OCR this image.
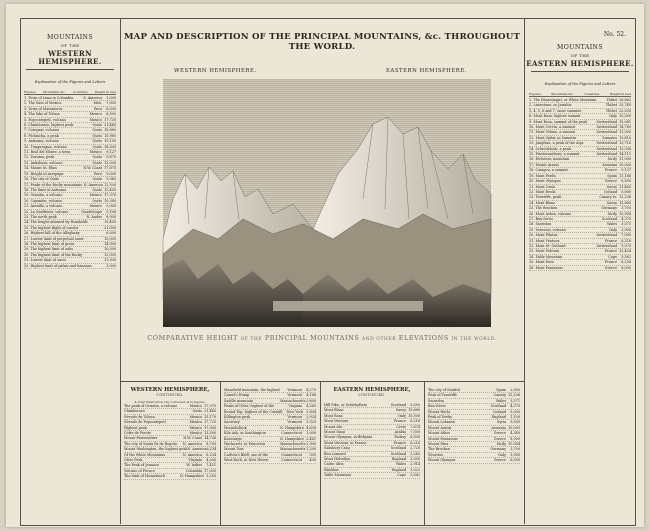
MAP AND DESCRIPTION OF THE PRINCIPAL MOUNTAINS, &c. THROUGHOUT THE WORLD.
No. 52.
MOUNTAINS
OF THE
WESTERN HEMISPHERE.
Explanation of the Figures and Letters
Figures Mountains &c. Countries Height in feet
1. Town of Lima in Colombia	S. America	1,000
2. The Sum of Mexico	Mex.	7,000
3. Town of Matamoros	Peru	6,000
4. The lake of Toluca	Mexico	8,500
5. Popocatepetl, volcano	Mexico 17,730
6. Chimborazo, highest peak	Quito 21,440
7. Cotopaxi, volcano	Quito 18,880
8. Pichincha, a peak	Quito 15,980
9. Antisana, volcano	Quito 19,150
10. Tunguragua, volcano	Quito 16,500
11. Real del Monte, a town	Mexico	9,127
12. Zaruma, peak	Quito	9,870
13. Imbabura, volcano	Quito 15,000
14. Mount St. Elias	N.W. Coast 17,875
15. Height of Arequipa	Peru	9,000
16. The city of Quito	Quito	9,540
17. Peaks of the Rocky mountains N. America 12,500
18. The limit of Antisana	Quito 13,400
19. Orizaba, a volcano	Mexico 17,370
20. Cayambe, volcano	Quito 19,380
21. Arenilla, a volcano	Mexico	5,000
22. La Souffriere, volcano	Guadeloupe	5,108
23. The north peak	N. Andes	8,000
24. The height attained by Humboldt	19,400
25. The highest flight of condor	21,000
26. Highest hill of the Alleghany	6,000
27. Lowest limit of perpetual snow	15,000
28. The highest limit of grass	14,900
29. The highest limit of oaks	10,500
30. The highest limit of the Rocky	12,000
31. Lowest limit of snow	12,900
32. Highest limit of palms and bananas	3,000
MOUNTAINS
OF THE
EASTERN HEMISPHERE.
Explanation of the Figures and Letters
Figures	Mountains &c.	Countries	Height in feet
1. The Dhawalagiri, or White Mountain	Thibet 26,862
2. Limestone, or Jawahir	Thibet 25,749
3, 4, 5, 6 and 7, snow summits	Thibet 22,000
8. Mont Rosa, highest summit	Italy 15,500
9. Mont Rosa, summit of the peak	Switzerland 15,081
10. Mont Cervin, a summit	Switzerland 14,780
11. Mont Velane, a summit	Switzerland 11,000
12. Mont Ophir, in Sumatra	Sumatra 13,810
13. Jungfrau, a peak of the Alps	Switzerland 13,716
14. Schreckhorn, a peak	Switzerland 13,398
15. Finsteraarhorn, a summit	Switzerland 14,111
16. Etchener, mountain	Sicily 11,000
17. Mount Ararat	Armenia 10,000
18. Canigou, a summit	France	9,137
19. Mont Perdu	Spain 11,168
20. Mont Olympus	Greece	6,500
21. Mont Cenis	Savoy 11,460
22. Mont Hecla	Iceland	5,000
23. Teneriffe, peak	Canary Is. 12,236
24. Mont Blanc	Savoy 15,680
25. The Brocken	Germany	3,700
26. Mont Aetna, volcano	Sicily 10,954
27. Ben Nevis	Scotland	4,370
28. Snowdon	Wales	3,571
29. Vesuvius, volcano	Italy	3,900
30. Mont Pilatus	Switzerland	7,000
31. Mont Ventoux	France	6,216
32. Mont St. Gothard	Switzerland	9,075
33. Mont Pelvoux	France 13,404
34. Table Mountain	Cape	3,582
35. Mont Dore	France	6,258
36. Mont Parnassus	Greece	8,000
WESTERN HEMISPHERE.	EASTERN HEMISPHERE.
Level of the Sea	Level of the Sea
COMPARATIVE HEIGHT OF THE PRINCIPAL MOUNTAINS AND OTHER ELEVATIONS IN THE WORLD.
WESTERN HEMISPHERE,
CONTINUED.
A brief Illustration, the corrected as in figures.
The peak of Orizaba, a volcano	Mexico 17,370
Chimborazo	Quito 21,440
Nevado de Toluca	Mexico 15,170
Nevado de Popocatepetl	Mexico 17,720
Highest peak	Mexico 17,300
Cofre de Perote	Mexico 13,500
Mount Fairweather	N.W. Coast 14,736
The city of Santa Fe de Bogota	N. America	8,700
Mount Washington, the highest peak N. America 6,234
Of the White Mountains	N. America	6,234
Otter Peak	Virginia	4,260
The Peak of Jamaica	W. Indies	7,431
Volcano of Purace	Colombia 17,000
The limit of Monadnock	N. Hampshire 3,250
Mansfield mountain, the highest	Vermont	4,279
Camel's Hump	Vermont	4,188
Saddle mountain	Massachusetts 3,600
Peaks of Otter, highest of the	Virginia	4,260
Round Top, highest of the Catskill	New York 3,804
Killington peak	Vermont	3,924
Ascutney	Vermont	3,320
Moosehillock	N. Hampshire 4,636
Kilo Ash, in Southington	Connecticut	1,000
Kearsarge	N. Hampshire 2,461
Wachusett, in Princeton	Massachusetts 2,990
Mount Tom	Massachusetts 1,200
Carlton's Bluff, one of the	Connecticut	500
West Rock, in New Haven	Connecticut	400
EASTERN HEMISPHERE,
CONTINUED.
Hill Pike, or Schiehallion	Scotland	3,550
Mont Blanc	Savoy 15,680
Mont Rosa	Italy 15,500
Mont Ventoux	France	6,216
Mount Ida	Crete	7,674
Mount Sinai	Arabia	7,500
Mount Olympus, in Bithynia	Turkey	6,500
Mont Ventoux, in France	France	6,216
Salisbury Crag	Scotland	2,720
Ben Lomond	Scotland	3,240
Mont Helvellyn	England	3,055
Cader Idris	Wales	2,914
Skiddaw	England	3,022
Table Mountain	Cape	3,582
The city of Madrid	Spain	2,000
Peak of Teneriffe	Canary 12,236
Snowdon	Wales	3,571
Ben Nevis	Scotland	4,370
Mount Hecla	Iceland	5,000
Peak of Derby	England	1,100
Mount Lebanon	Syria	9,500
Mount Ararat	Armenia 10,000
Mount Athos	Greece	4,349
Mount Parnassus	Greece	8,000
Mount Etna	Sicily 10,954
The Brocken	Germany	3,700
Vesuvius	Italy	3,900
Mount Olympus	Greece	6,500
